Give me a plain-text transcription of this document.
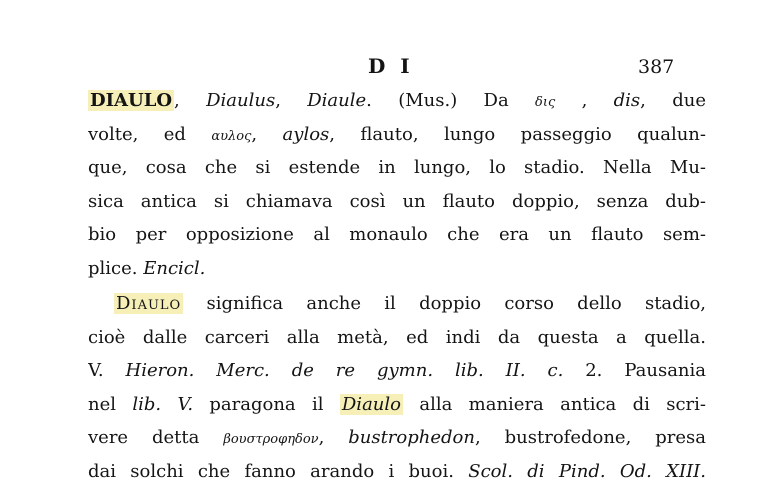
D I	387
DIAULO , Diaulus, Diaule. (Mus.) Da δις , dis, due
volte, ed αυλος, aylos, flauto, lungo passeggio qualun-
que, cosa che si estende in lungo, lo stadio. Nella Mu-
sica antica si chiamava così un flauto doppio, senza dub-
bio per opposizione al monaulo che era un flauto sem-
plice. Encicl.
Diaulo significa anche il doppio corso dello stadio,
cioè dalle carceri alla metà, ed indi da questa a quella.
V. Hieron. Merc. de re gymn. lib. II. c. 2. Pausania
nel lib. V. paragona il Diaulo alla maniera antica di scri-
vere detta βουστροφηδον, bustrophedon, bustrofedone, presa
dai solchi che fanno arando i buoi. Scol. di Pind. Od. XIII.
